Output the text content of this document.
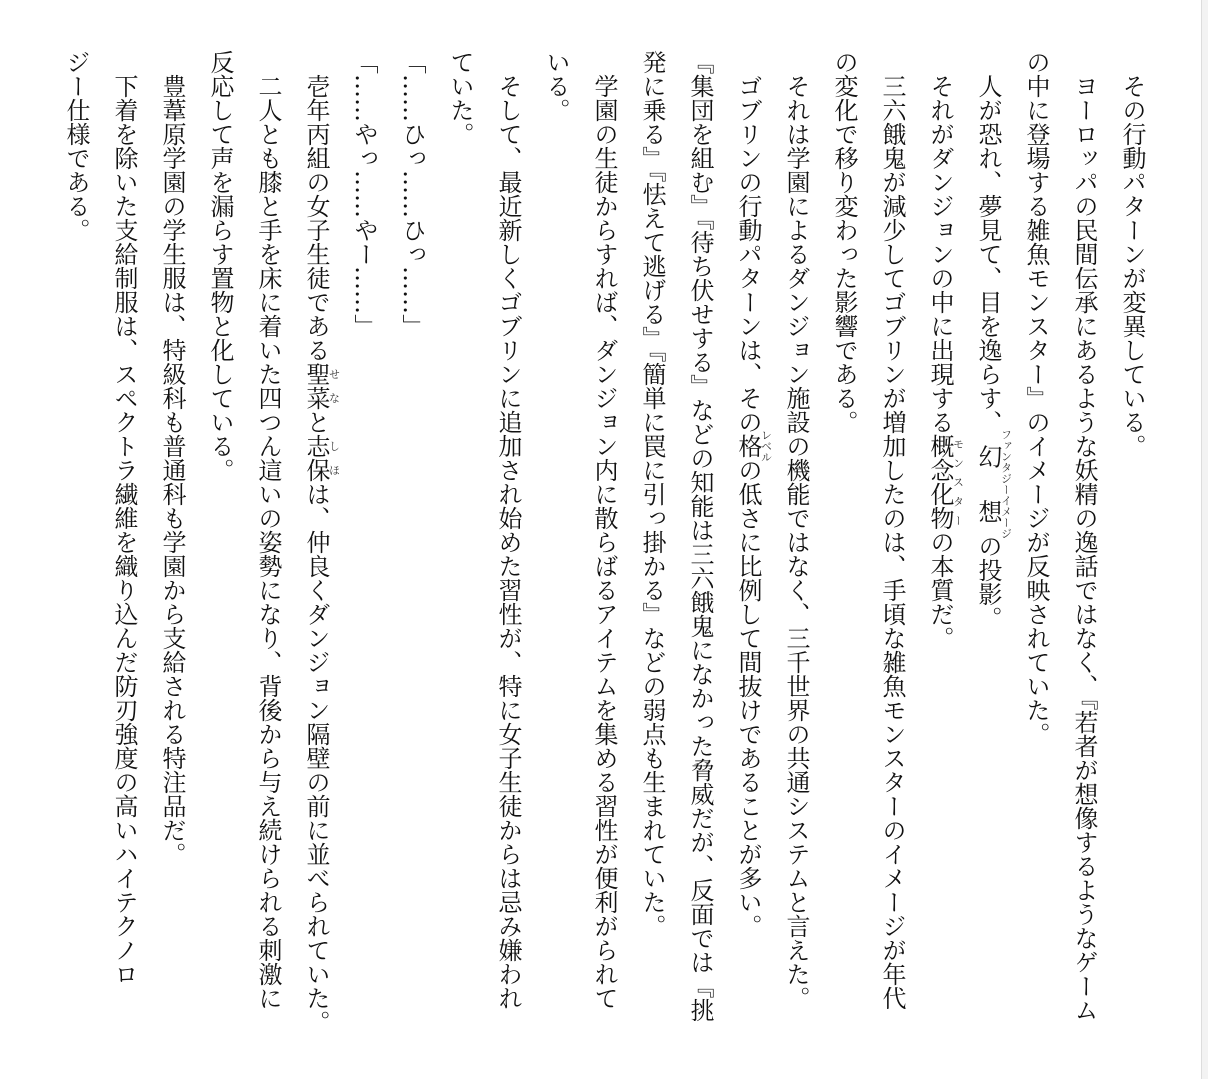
その行動パターンが変異している。
ヨーロッパの民間伝承にあるような妖精の逸話ではなく、『若者が想像するようなゲーム
の中に登場する雑魚モンスター』のイメージが反映されていた。
人が恐れ、夢見て、目を逸らす、幻想ファンタジーイメージの投影。
それがダンジョンの中に出現する概念化物モンスターの本質だ。
三六餓鬼が減少してゴブリンが増加したのは、手頃な雑魚モンスターのイメージが年代
の変化で移り変わった影響である。
それは学園によるダンジョン施設の機能ではなく、三千世界の共通システムと言えた。
ゴブリンの行動パターンは、その格レベルの低さに比例して間抜けであることが多い。
『集団を組む』『待ち伏せする』などの知能は三六餓鬼になかった脅威だが、反面では『挑
発に乗る』『怯えて逃げる』『簡単に罠に引っ掛かる』などの弱点も生まれていた。
学園の生徒からすれば、ダンジョン内に散らばるアイテムを集める習性が便利がられて
いる。
そして、最近新しくゴブリンに追加され始めた習性が、特に女子生徒からは忌み嫌われ
ていた。
「……ひっ……ひっ……」
「……やっ……やー……」
壱年丙組の女子生徒である聖菜せなと志保しほは、仲良くダンジョン隔壁の前に並べられていた。
二人とも膝と手を床に着いた四つん這いの姿勢になり、背後から与え続けられる刺激に
反応して声を漏らす置物と化している。
豊葦原学園の学生服は、特級科も普通科も学園から支給される特注品だ。
下着を除いた支給制服は、スペクトラ繊維を織り込んだ防刃強度の高いハイテクノロ
ジー仕様である。
